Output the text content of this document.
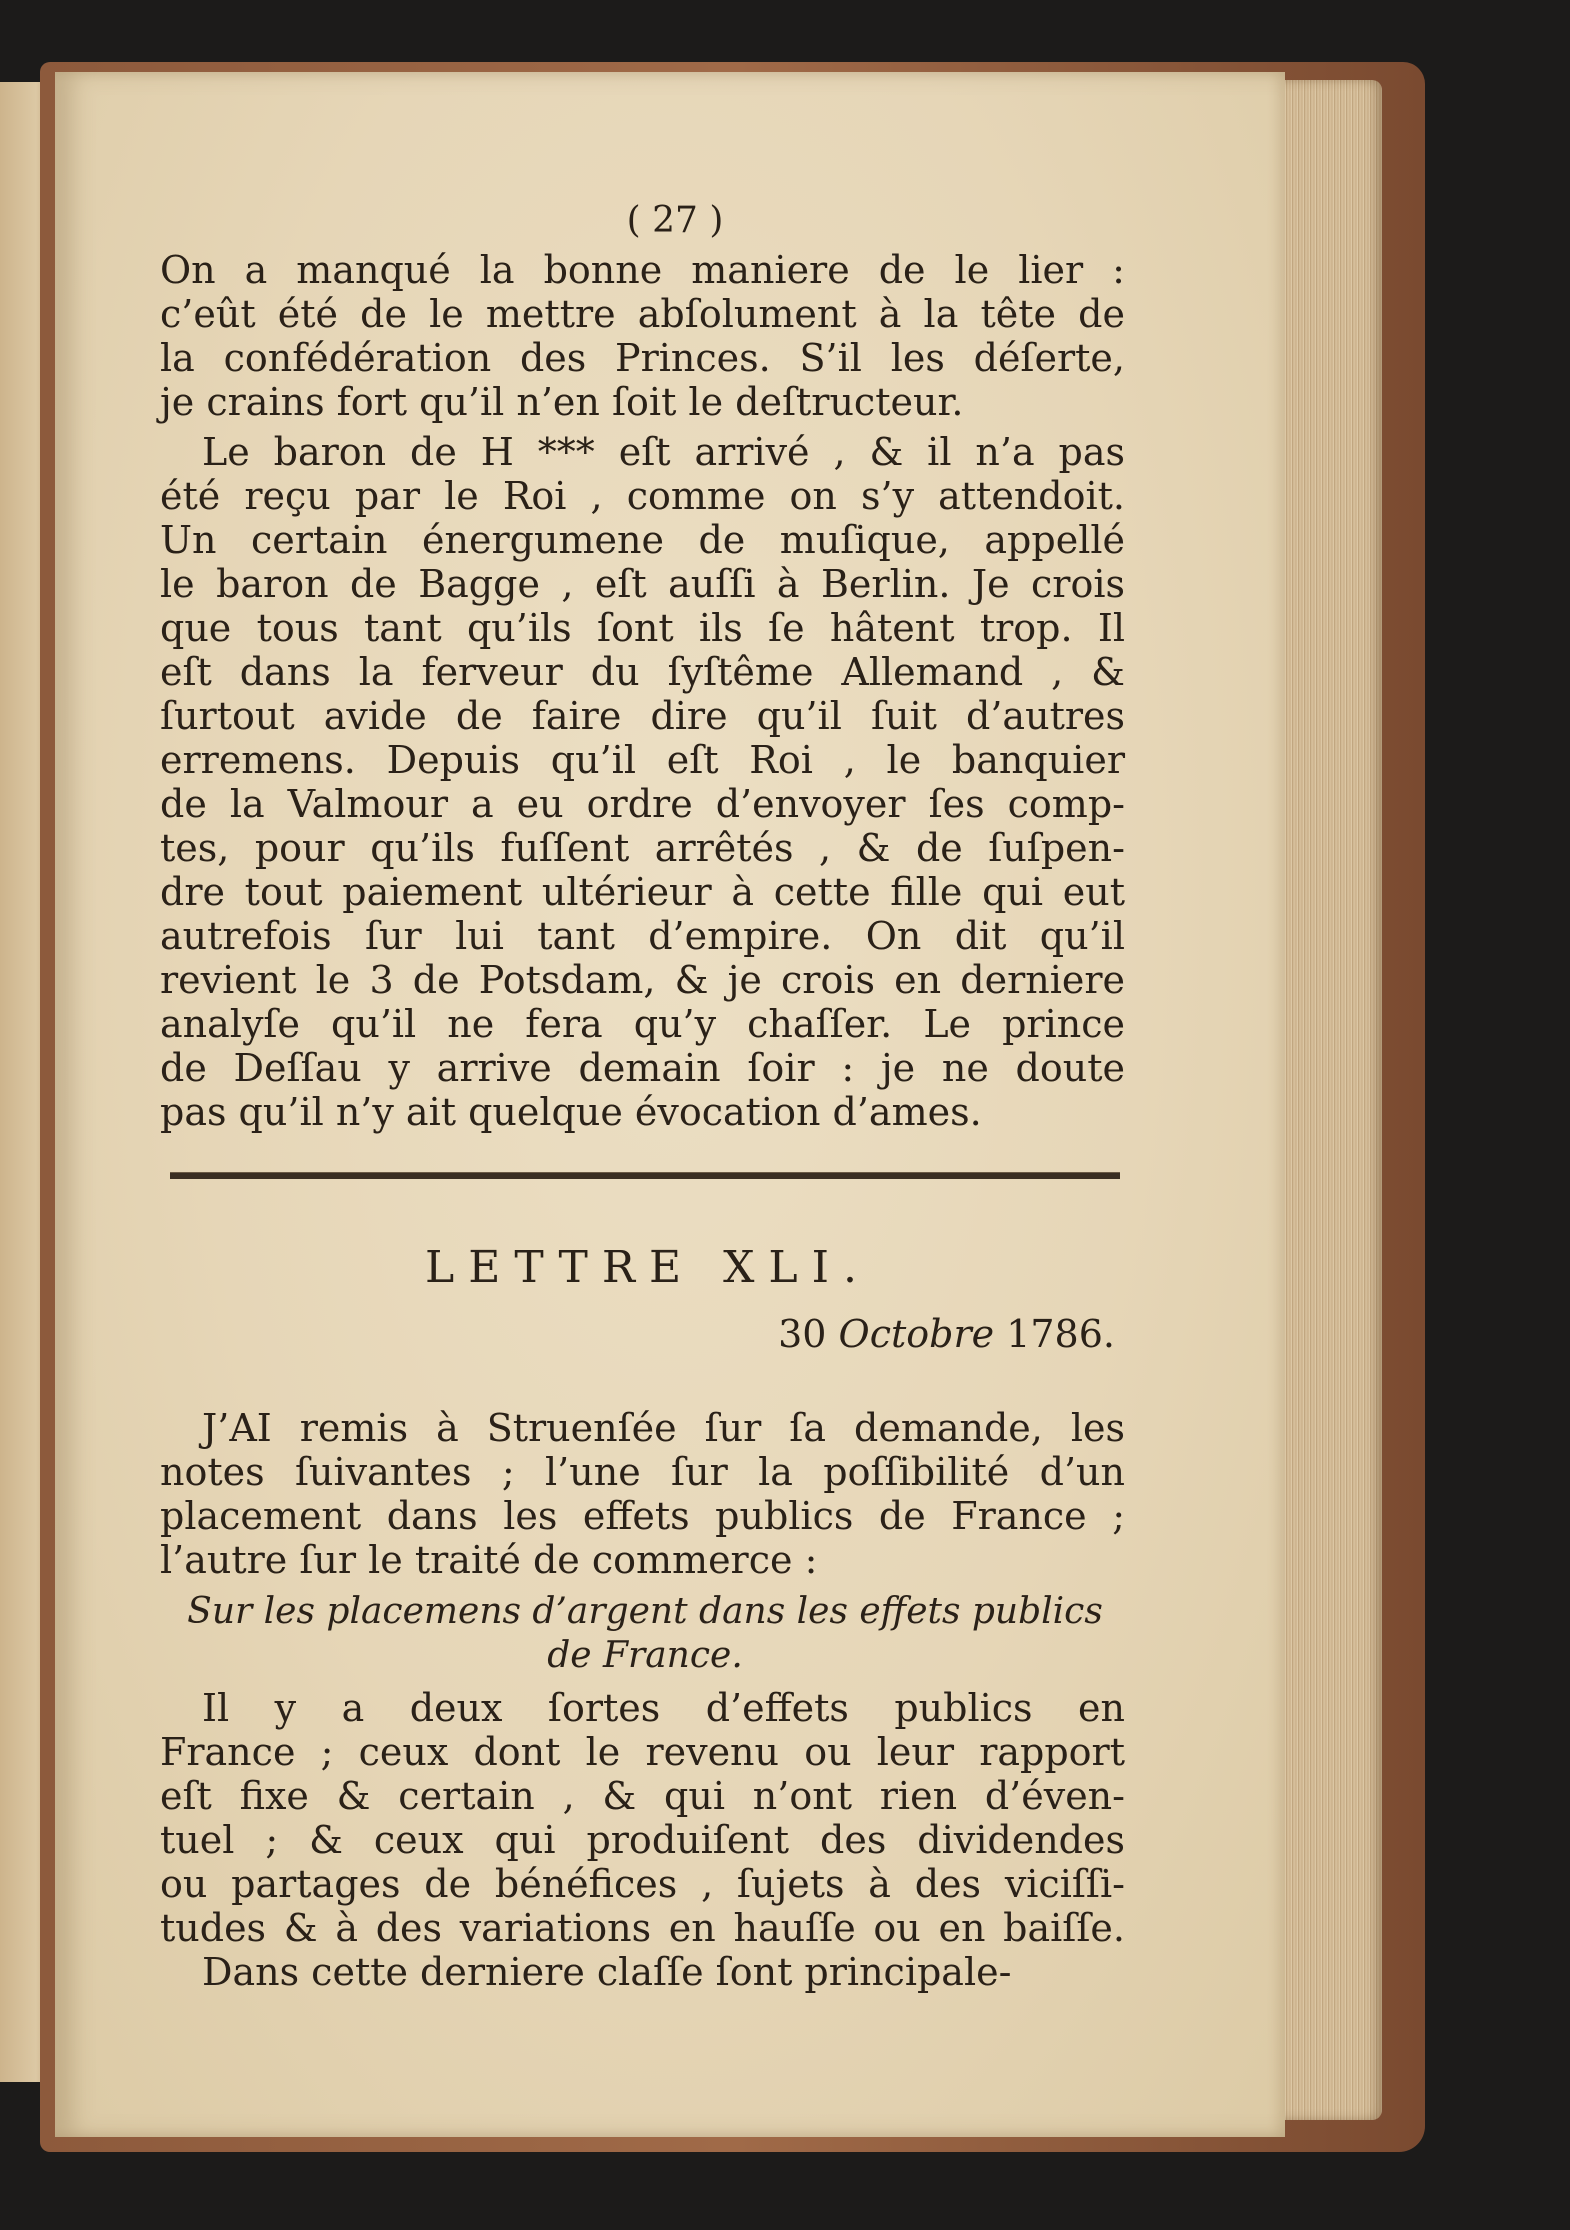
( 27 )
On a manqué la bonne maniere de le lier :
c’eût été de le mettre abſolument à la tête de
la confédération des Princes. S’il les déſerte,
je crains fort qu’il n’en ſoit le deſtructeur.
Le baron de H *** eſt arrivé , & il n’a pas
été reçu par le Roi , comme on s’y attendoit.
Un certain énergumene de muſique, appellé
le baron de Bagge , eſt auſſi à Berlin. Je crois
que tous tant qu’ils ſont ils ſe hâtent trop. Il
eſt dans la ferveur du ſyſtême Allemand , &
ſurtout avide de faire dire qu’il ſuit d’autres
erremens. Depuis qu’il eſt Roi , le banquier
de la Valmour a eu ordre d’envoyer ſes comp-
tes, pour qu’ils fuſſent arrêtés , & de ſuſpen-
dre tout paiement ultérieur à cette fille qui eut
autrefois ſur lui tant d’empire. On dit qu’il
revient le 3 de Potsdam, & je crois en derniere
analyſe qu’il ne fera qu’y chaſſer. Le prince
de Deſſau y arrive demain ſoir : je ne doute
pas qu’il n’y ait quelque évocation d’ames.
LETTRE XLI.
30 Octobre 1786.
J’AI remis à Struenſée ſur ſa demande, les
notes ſuivantes ; l’une ſur la poſſibilité d’un
placement dans les effets publics de France ;
l’autre ſur le traité de commerce :
Sur les placemens d’argent dans les effets publics
de France.
Il y a deux ſortes d’effets publics en
France ; ceux dont le revenu ou leur rapport
eſt fixe & certain , & qui n’ont rien d’éven-
tuel ; & ceux qui produiſent des dividendes
ou partages de bénéfices , ſujets à des viciſſi-
tudes & à des variations en hauſſe ou en baiſſe.
Dans cette derniere claſſe ſont principale-
